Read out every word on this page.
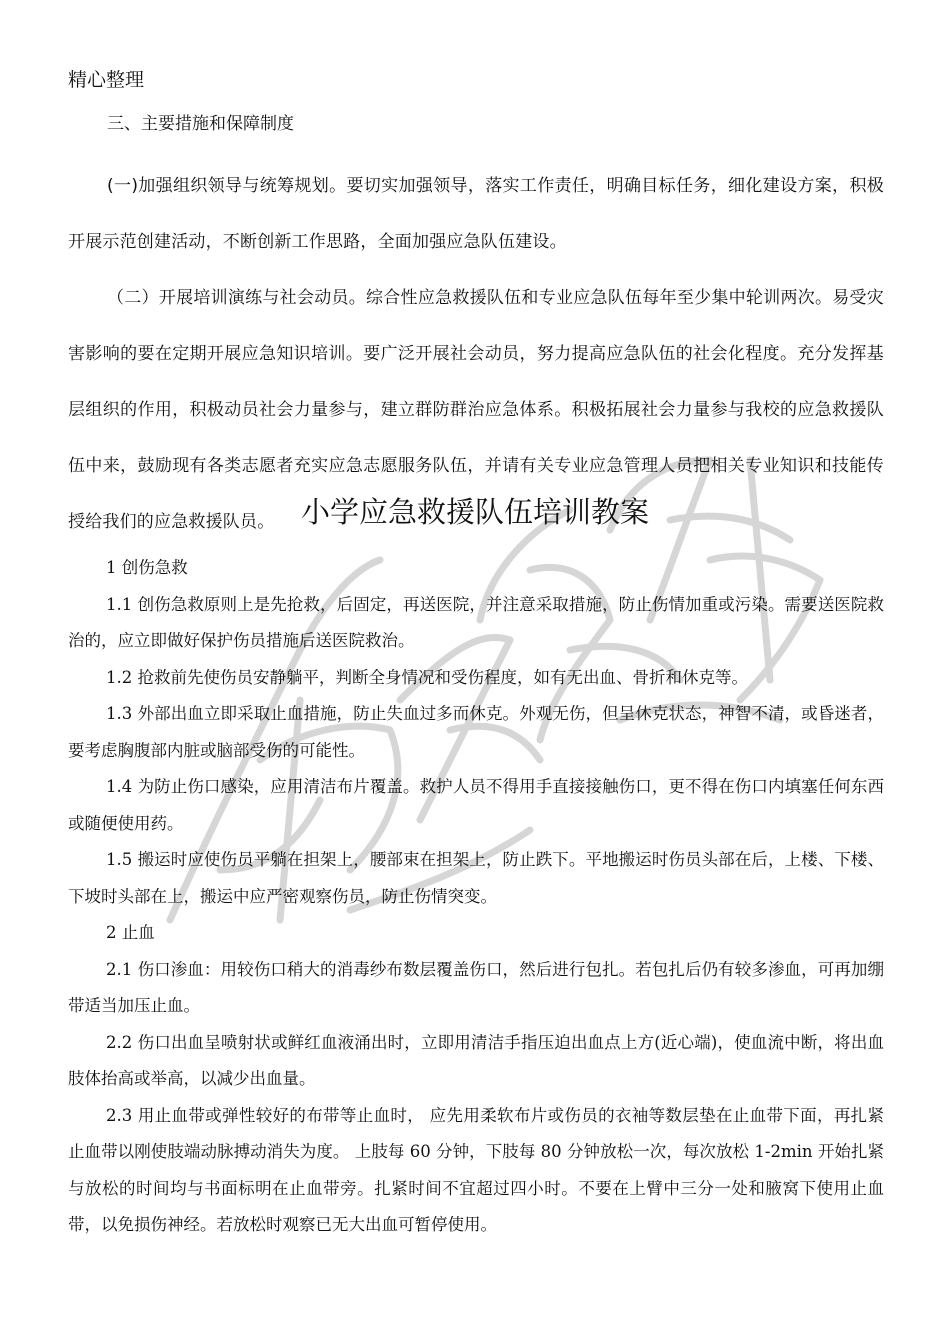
精心整理

三、主要措施和保障制度

(一)加强组织领导与统筹规划。要切实加强领导，落实工作责任，明确目标任务，细化建设方案，积极开展示范创建活动，不断创新工作思路，全面加强应急队伍建设。

（二）开展培训演练与社会动员。综合性应急救援队伍和专业应急队伍每年至少集中轮训两次。易受灾害影响的要在定期开展应急知识培训。要广泛开展社会动员，努力提高应急队伍的社会化程度。充分发挥基层组织的作用，积极动员社会力量参与，建立群防群治应急体系。积极拓展社会力量参与我校的应急救援队伍中来，鼓励现有各类志愿者充实应急志愿服务队伍，并请有关专业应急管理人员把相关专业知识和技能传授给我们的应急救援队员。 小学应急救援队伍培训教案

1 创伤急救

1.1 创伤急救原则上是先抢救，后固定，再送医院，并注意采取措施，防止伤情加重或污染。需要送医院救治的，应立即做好保护伤员措施后送医院救治。

1.2 抢救前先使伤员安静躺平，判断全身情况和受伤程度，如有无出血、骨折和休克等。

1.3 外部出血立即采取止血措施，防止失血过多而休克。外观无伤，但呈休克状态，神智不清，或昏迷者，要考虑胸腹部内脏或脑部受伤的可能性。

1.4 为防止伤口感染，应用清洁布片覆盖。救护人员不得用手直接接触伤口，更不得在伤口内填塞任何东西或随便使用药。

1.5 搬运时应使伤员平躺在担架上，腰部束在担架上，防止跌下。平地搬运时伤员头部在后，上楼、下楼、下坡时头部在上，搬运中应严密观察伤员，防止伤情突变。

2 止血

2.1 伤口渗血：用较伤口稍大的消毒纱布数层覆盖伤口，然后进行包扎。若包扎后仍有较多渗血，可再加绷带适当加压止血。

2.2 伤口出血呈喷射状或鲜红血液涌出时，立即用清洁手指压迫出血点上方(近心端)，使血流中断，将出血肢体抬高或举高，以减少出血量。

2.3 用止血带或弹性较好的布带等止血时， 应先用柔软布片或伤员的衣袖等数层垫在止血带下面，再扎紧止血带以刚使肢端动脉搏动消失为度。 上肢每 60 分钟，下肢每 80 分钟放松一次，每次放松 1-2min 开始扎紧与放松的时间均与书面标明在止血带旁。扎紧时间不宜超过四小时。不要在上臂中三分一处和腋窝下使用止血带，以免损伤神经。若放松时观察已无大出血可暂停使用。
